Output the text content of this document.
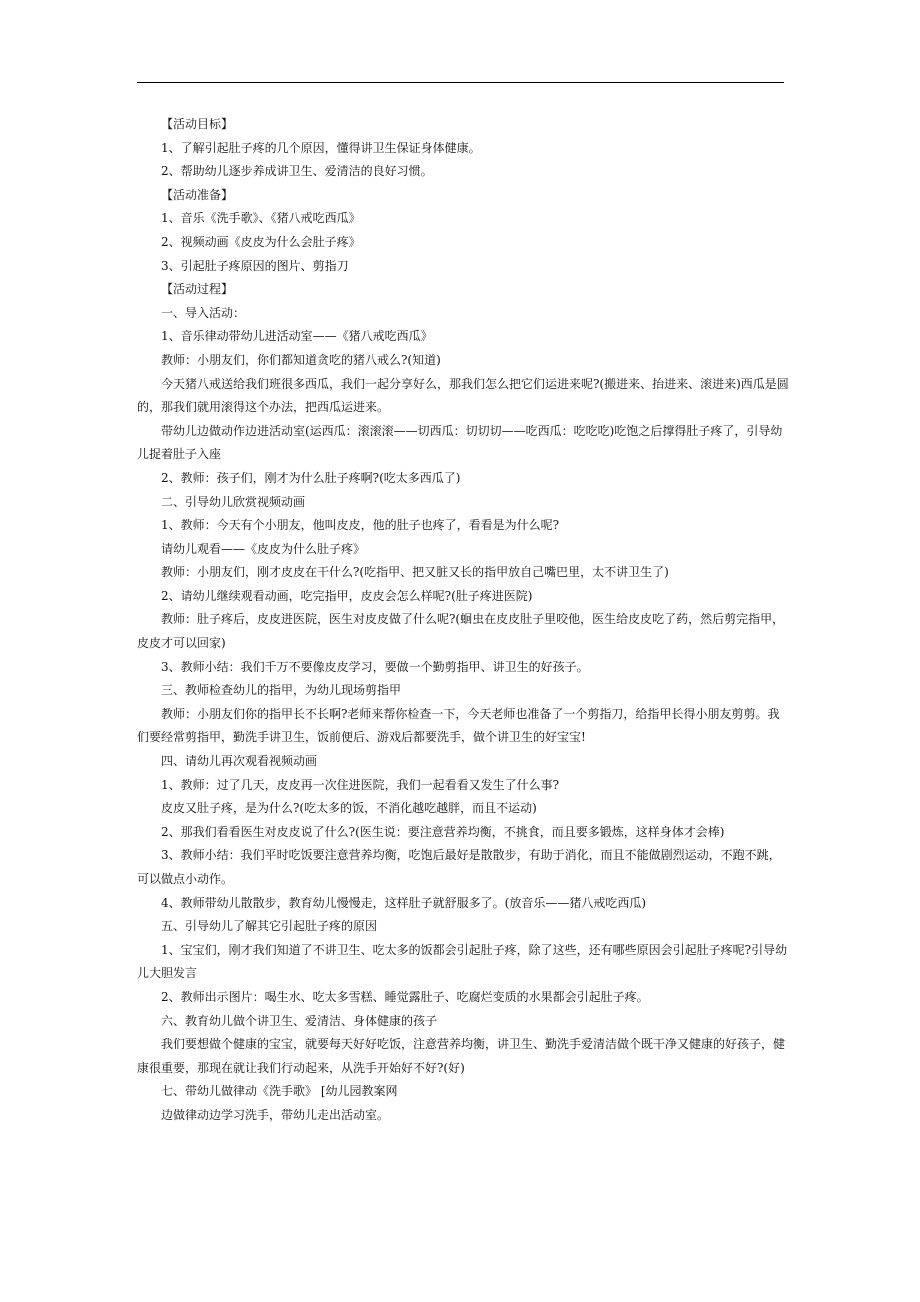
【活动目标】

1、了解引起肚子疼的几个原因，懂得讲卫生保证身体健康。

2、帮助幼儿逐步养成讲卫生、爱清洁的良好习惯。

【活动准备】

1、音乐《洗手歌》、《猪八戒吃西瓜》

2、视频动画《皮皮为什么会肚子疼》

3、引起肚子疼原因的图片、剪指刀

【活动过程】

一、导入活动：

1、音乐律动带幼儿进活动室——《猪八戒吃西瓜》

教师：小朋友们，你们都知道贪吃的猪八戒么?(知道)

今天猪八戒送给我们班很多西瓜，我们一起分享好么，那我们怎么把它们运进来呢?(搬进来、抬进来、滚进来)西瓜是圆的，那我们就用滚得这个办法，把西瓜运进来。

带幼儿边做动作边进活动室(运西瓜：滚滚滚——切西瓜：切切切——吃西瓜：吃吃吃)吃饱之后撑得肚子疼了，引导幼儿捉着肚子入座

2、教师：孩子们，刚才为什么肚子疼啊?(吃太多西瓜了)

二、引导幼儿欣赏视频动画

1、教师：今天有个小朋友，他叫皮皮，他的肚子也疼了，看看是为什么呢?

请幼儿观看——《皮皮为什么肚子疼》

教师：小朋友们，刚才皮皮在干什么?(吃指甲、把又脏又长的指甲放自己嘴巴里，太不讲卫生了)

2、请幼儿继续观看动画，吃完指甲，皮皮会怎么样呢?(肚子疼进医院)

教师：肚子疼后，皮皮进医院，医生对皮皮做了什么呢?(蛔虫在皮皮肚子里咬他，医生给皮皮吃了药，然后剪完指甲，皮皮才可以回家)

3、教师小结：我们千万不要像皮皮学习，要做一个勤剪指甲、讲卫生的好孩子。

三、教师检查幼儿的指甲，为幼儿现场剪指甲

教师：小朋友们你的指甲长不长啊?老师来帮你检查一下，今天老师也准备了一个剪指刀，给指甲长得小朋友剪剪。我们要经常剪指甲，勤洗手讲卫生，饭前便后、游戏后都要洗手，做个讲卫生的好宝宝!

四、请幼儿再次观看视频动画

1、教师：过了几天，皮皮再一次住进医院，我们一起看看又发生了什么事?

皮皮又肚子疼，是为什么?(吃太多的饭，不消化越吃越胖，而且不运动)

2、那我们看看医生对皮皮说了什么?(医生说：要注意营养均衡，不挑食，而且要多锻炼，这样身体才会棒)

3、教师小结：我们平时吃饭要注意营养均衡，吃饱后最好是散散步，有助于消化，而且不能做剧烈运动，不跑不跳，可以做点小动作。

4、教师带幼儿散散步，教育幼儿慢慢走，这样肚子就舒服多了。(放音乐——猪八戒吃西瓜)

五、引导幼儿了解其它引起肚子疼的原因

1、宝宝们，刚才我们知道了不讲卫生、吃太多的饭都会引起肚子疼，除了这些，还有哪些原因会引起肚子疼呢?引导幼儿大胆发言

2、教师出示图片：喝生水、吃太多雪糕、睡觉露肚子、吃腐烂变质的水果都会引起肚子疼。

六、教育幼儿做个讲卫生、爱清洁、身体健康的孩子

我们要想做个健康的宝宝，就要每天好好吃饭，注意营养均衡，讲卫生、勤洗手爱清洁做个既干净又健康的好孩子，健康很重要，那现在就让我们行动起来，从洗手开始好不好?(好)

七、带幼儿做律动《洗手歌》 [幼儿园教案网

边做律动边学习洗手，带幼儿走出活动室。
